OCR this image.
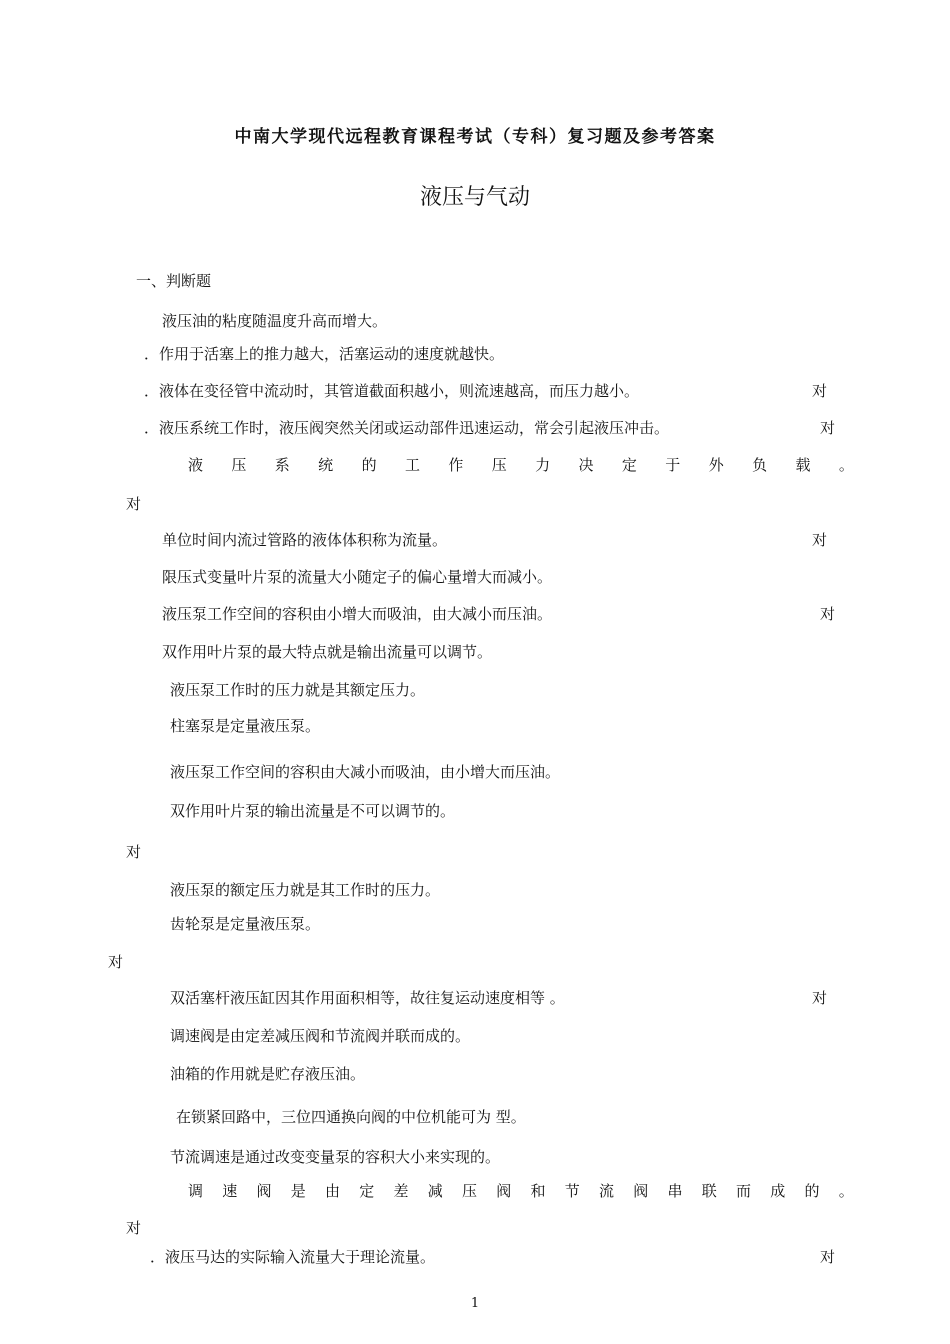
中南大学现代远程教育课程考试（专科）复习题及参考答案
液压与气动
一、判断题
液压油的粘度随温度升高而增大。
．作用于活塞上的推力越大，活塞运动的速度就越快。
．液体在变径管中流动时，其管道截面积越小，则流速越高，而压力越小。	对
．液压系统工作时，液压阀突然关闭或运动部件迅速运动，常会引起液压冲击。	对
液 压 系 统 的 工 作 压 力 决 定 于 外 负 载 。
对
单位时间内流过管路的液体体积称为流量。	对
限压式变量叶片泵的流量大小随定子的偏心量增大而减小。
液压泵工作空间的容积由小增大而吸油，由大减小而压油。	对
双作用叶片泵的最大特点就是输出流量可以调节。
液压泵工作时的压力就是其额定压力。
柱塞泵是定量液压泵。
液压泵工作空间的容积由大减小而吸油，由小增大而压油。
双作用叶片泵的输出流量是不可以调节的。
对
液压泵的额定压力就是其工作时的压力。
齿轮泵是定量液压泵。
对
双活塞杆液压缸因其作用面积相等，故往复运动速度相等 。	对
调速阀是由定差减压阀和节流阀并联而成的。
油箱的作用就是贮存液压油。
在锁紧回路中，三位四通换向阀的中位机能可为 型。
节流调速是通过改变变量泵的容积大小来实现的。
调 速 阀 是 由 定 差 减 压 阀 和 节 流 阀 串 联 而 成 的 。
对
．液压马达的实际输入流量大于理论流量。	对
1
